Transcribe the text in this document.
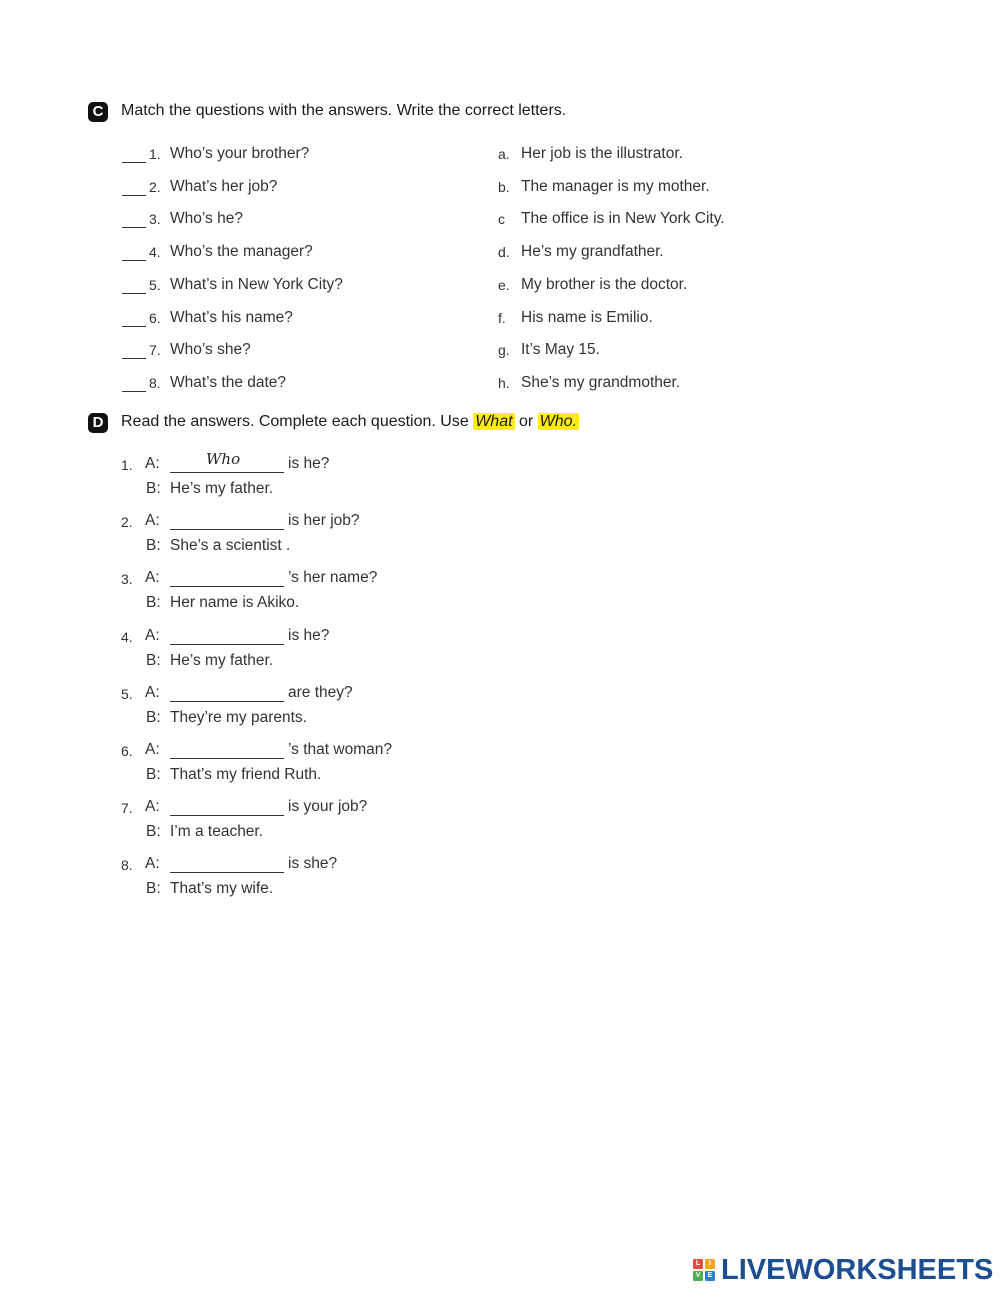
C Match the questions with the answers. Write the correct letters.
1. Who’s your brother?
2. What’s her job?
3. Who’s he?
4. Who’s the manager?
5. What’s in New York City?
6. What’s his name?
7. Who’s she?
8. What’s the date?
a. Her job is the illustrator.
b. The manager is my mother.
c The office is in New York City.
d. He’s my grandfather.
e. My brother is the doctor.
f. His name is Emilio.
g. It’s May 15.
h. She’s my grandmother.
D Read the answers. Complete each question. Use What or Who.
1. A:	Who	is he?
B: He’s my father.
2. A:	is her job?
B: She’s a scientist .
3. A:	’s her name?
B: Her name is Akiko.
4. A:	is he?
B: He’s my father.
5. A:	are they?
B: They’re my parents.
6. A:	’s that woman?
B: That’s my friend Ruth.
7. A:	is your job?
B: I’m a teacher.
8. A:	is she?
B: That’s my wife.
L	I
V	E LIVEWORKSHEETS
